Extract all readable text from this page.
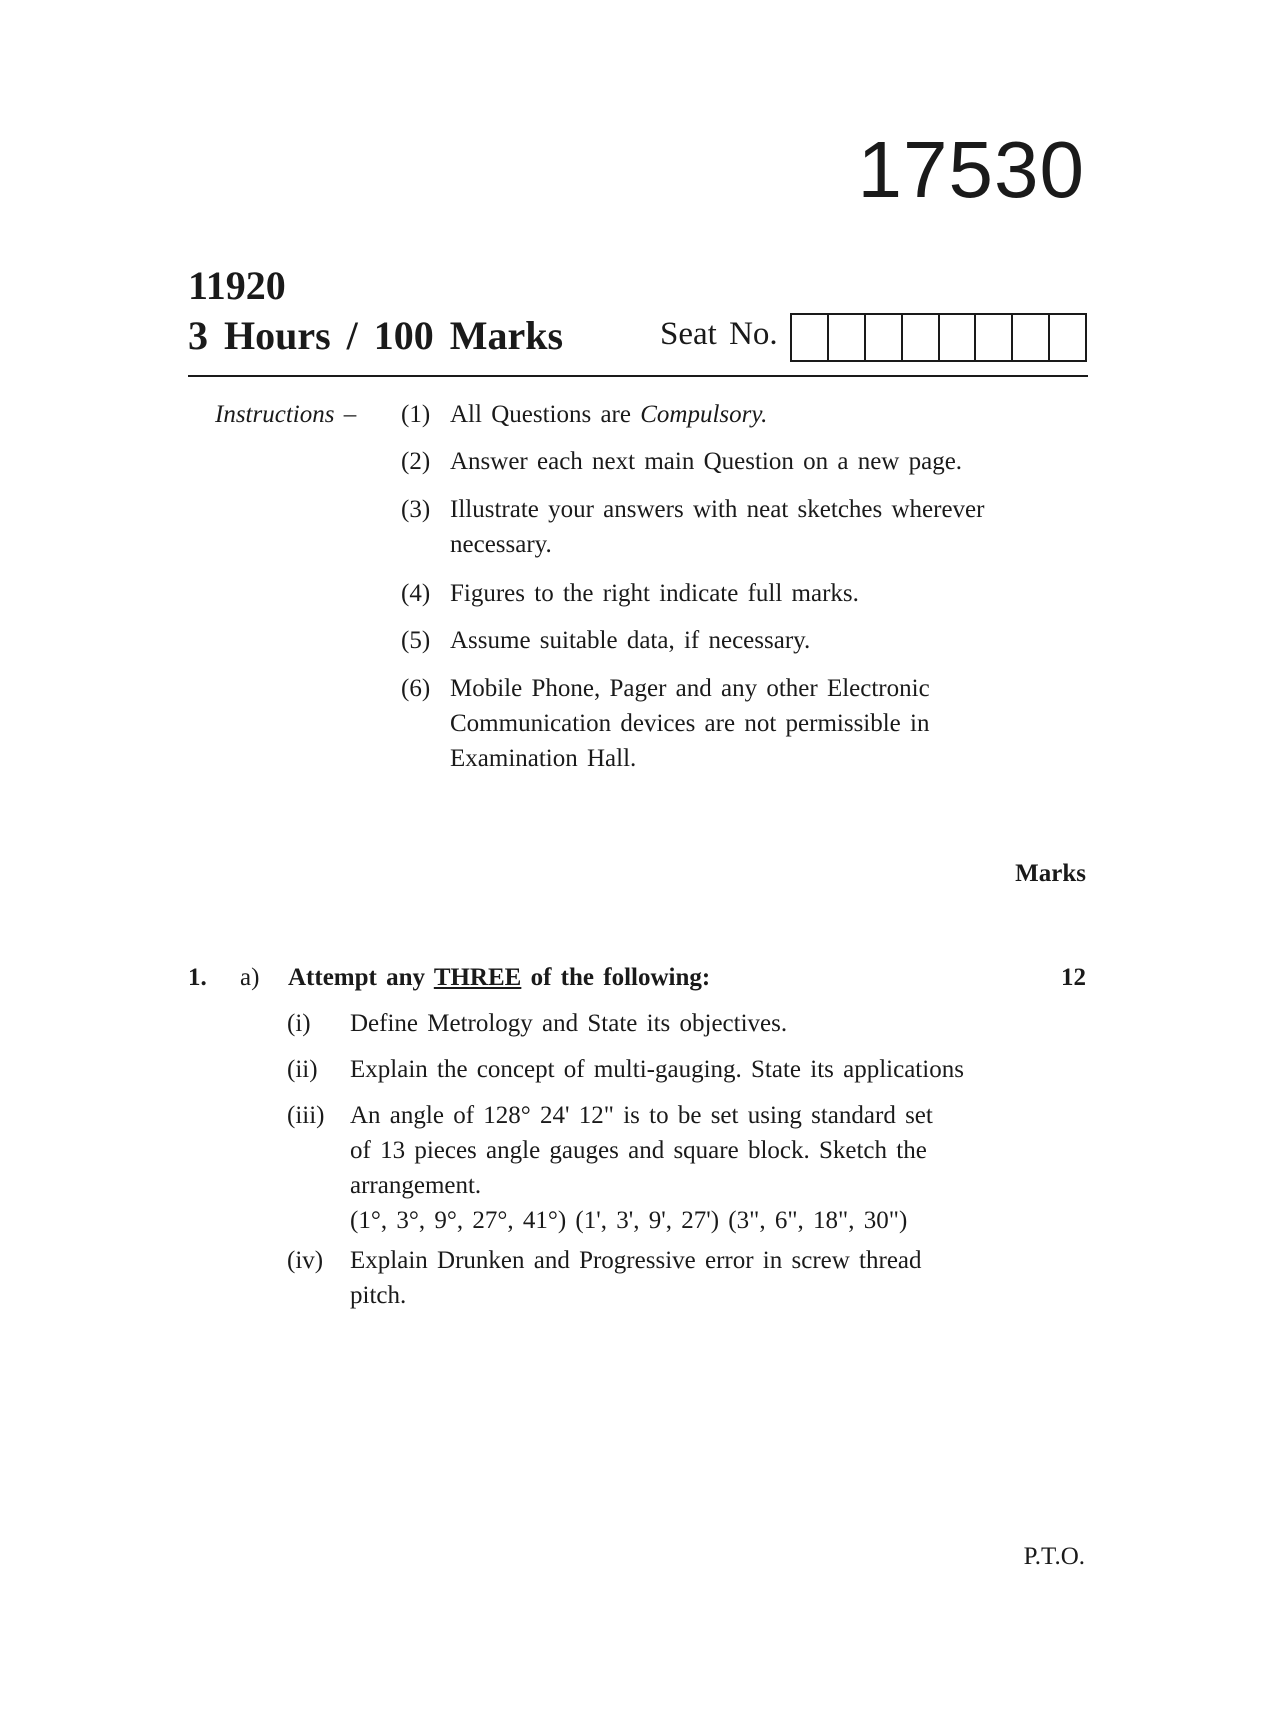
17530
11920
3 Hours / 100 Marks	Seat No.
Instructions – (1) All Questions are Compulsory.
(2) Answer each next main Question on a new page.
(3) Illustrate your answers with neat sketches wherever
necessary.
(4) Figures to the right indicate full marks.
(5) Assume suitable data, if necessary.
(6) Mobile Phone, Pager and any other Electronic
Communication devices are not permissible in
Examination Hall.
Marks
1. a) Attempt any THREE of the following:	12
(i) Define Metrology and State its objectives.
(ii) Explain the concept of multi-gauging. State its applications
(iii) An angle of 128° 24' 12" is to be set using standard set
of 13 pieces angle gauges and square block. Sketch the
arrangement.
(1°, 3°, 9°, 27°, 41°) (1', 3', 9', 27') (3", 6", 18", 30")
(iv) Explain Drunken and Progressive error in screw thread
pitch.
P.T.O.
